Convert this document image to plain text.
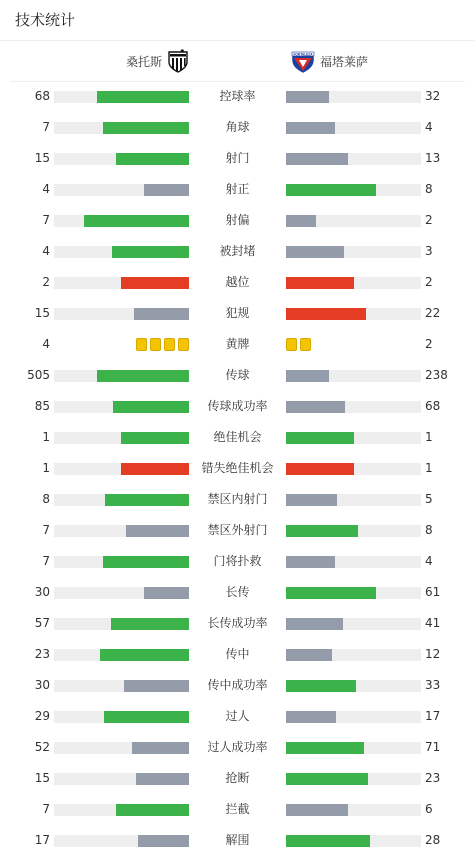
技术统计
桑托斯
FORTALEZA
福塔莱萨
68	控球率	32
7	角球	4
15	射门	13
4	射正	8
7	射偏	2
4	被封堵	3
2	越位	2
15	犯规	22
4	黄牌	2
505	传球	238
85	传球成功率	68
1	绝佳机会	1
1	错失绝佳机会	1
8	禁区内射门	5
7	禁区外射门	8
7	门将扑救	4
30	长传	61
57	长传成功率	41
23	传中	12
30	传中成功率	33
29	过人	17
52	过人成功率	71
15	抢断	23
7	拦截	6
17	解围	28
